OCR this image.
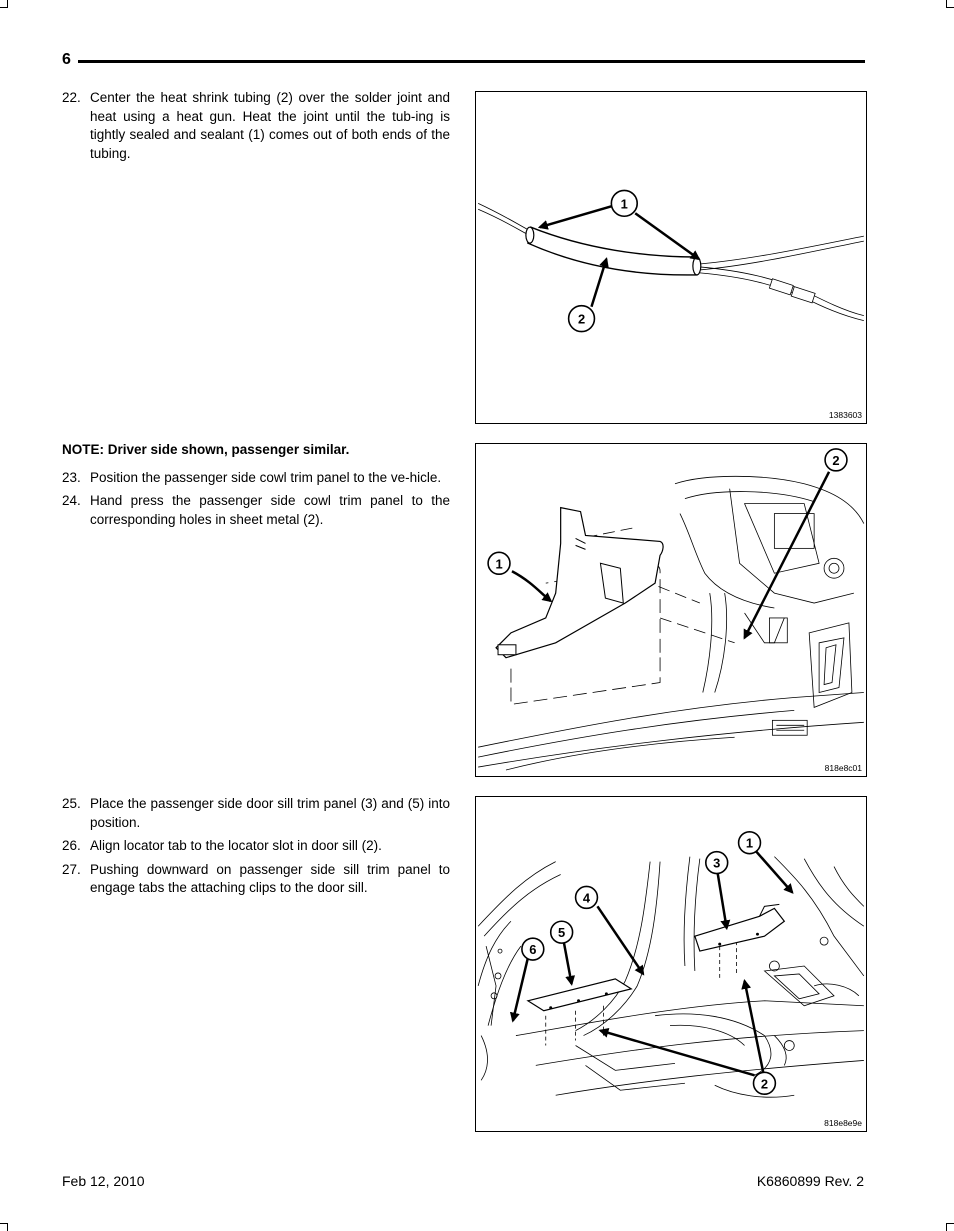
6
22. Center the heat shrink tubing (2) over the solder joint and heat using a heat gun. Heat the joint until the tub-ing is tightly sealed and sealant (1) comes out of both ends of the tubing.
1
2
1383603
NOTE: Driver side shown, passenger similar.
23. Position the passenger side cowl trim panel to the ve-hicle.
24. Hand press the passenger side cowl trim panel to the corresponding holes in sheet metal (2).
1
2
818e8c01
25. Place the passenger side door sill trim panel (3) and (5) into position.
26. Align locator tab to the locator slot in door sill (2).
27. Pushing downward on passenger side sill trim panel to engage tabs the attaching clips to the door sill.
1
2
3
4
5
6
818e8e9e
Feb 12, 2010	K6860899 Rev. 2
